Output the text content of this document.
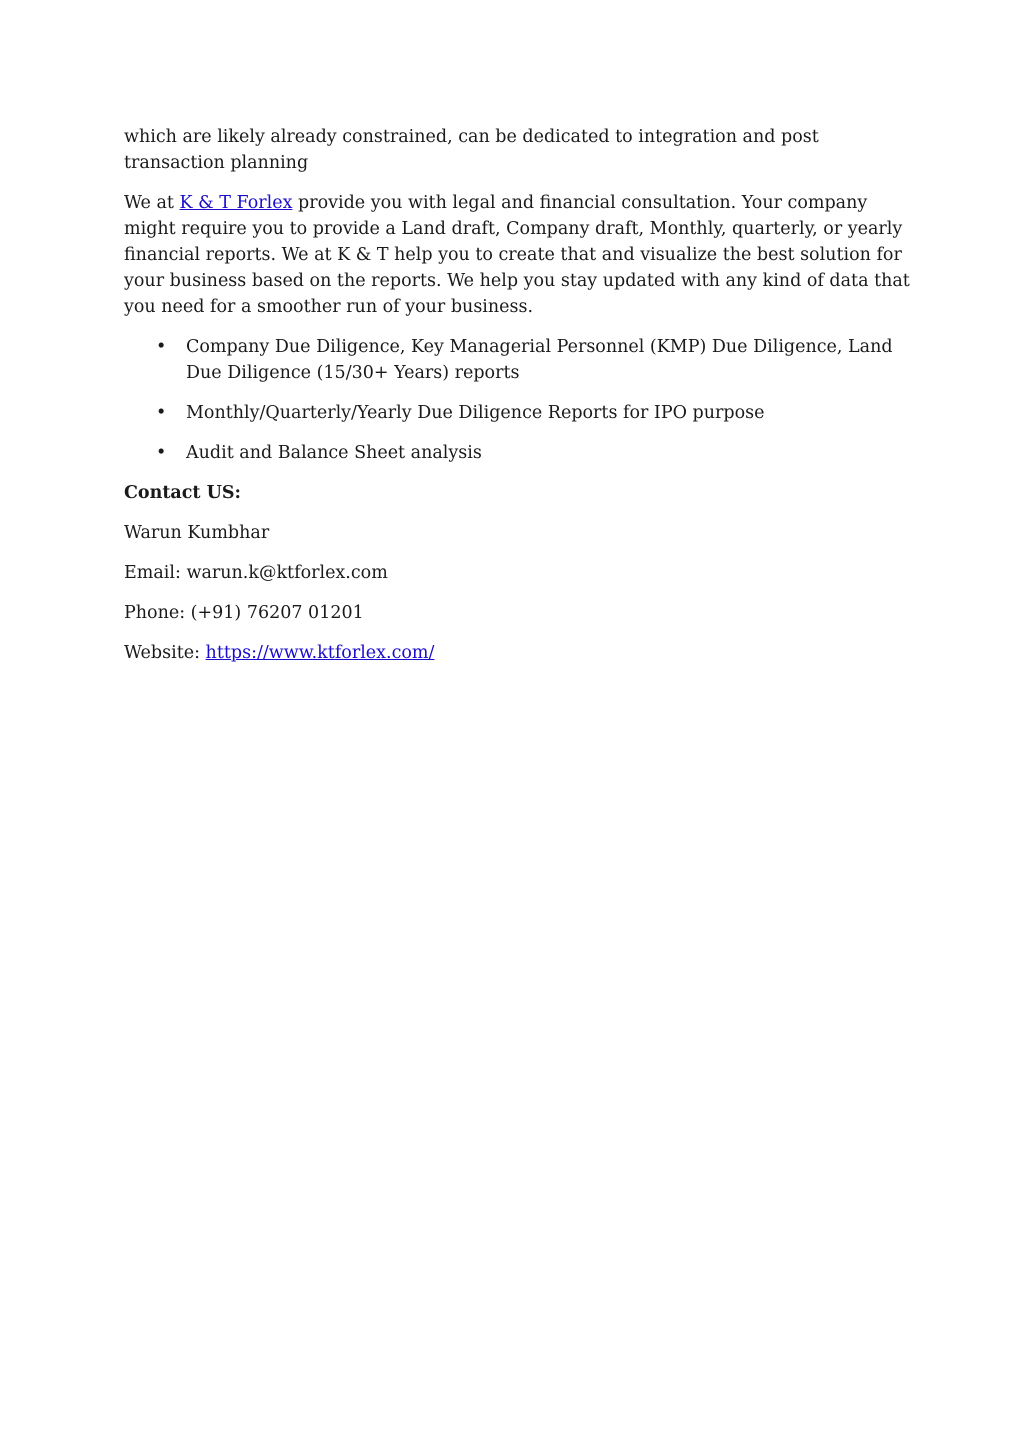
which are likely already constrained, can be dedicated to integration and post transaction planning

We at K & T Forlex provide you with legal and financial consultation. Your company might require you to provide a Land draft, Company draft, Monthly, quarterly, or yearly financial reports. We at K & T help you to create that and visualize the best solution for your business based on the reports. We help you stay updated with any kind of data that you need for a smoother run of your business.

• Company Due Diligence, Key Managerial Personnel (KMP) Due Diligence, Land Due Diligence (15/30+ Years) reports
• Monthly/Quarterly/Yearly Due Diligence Reports for IPO purpose
• Audit and Balance Sheet analysis

Contact US:

Warun Kumbhar

Email: warun.k@ktforlex.com

Phone: (+91) 76207 01201

Website: https://www.ktforlex.com/
